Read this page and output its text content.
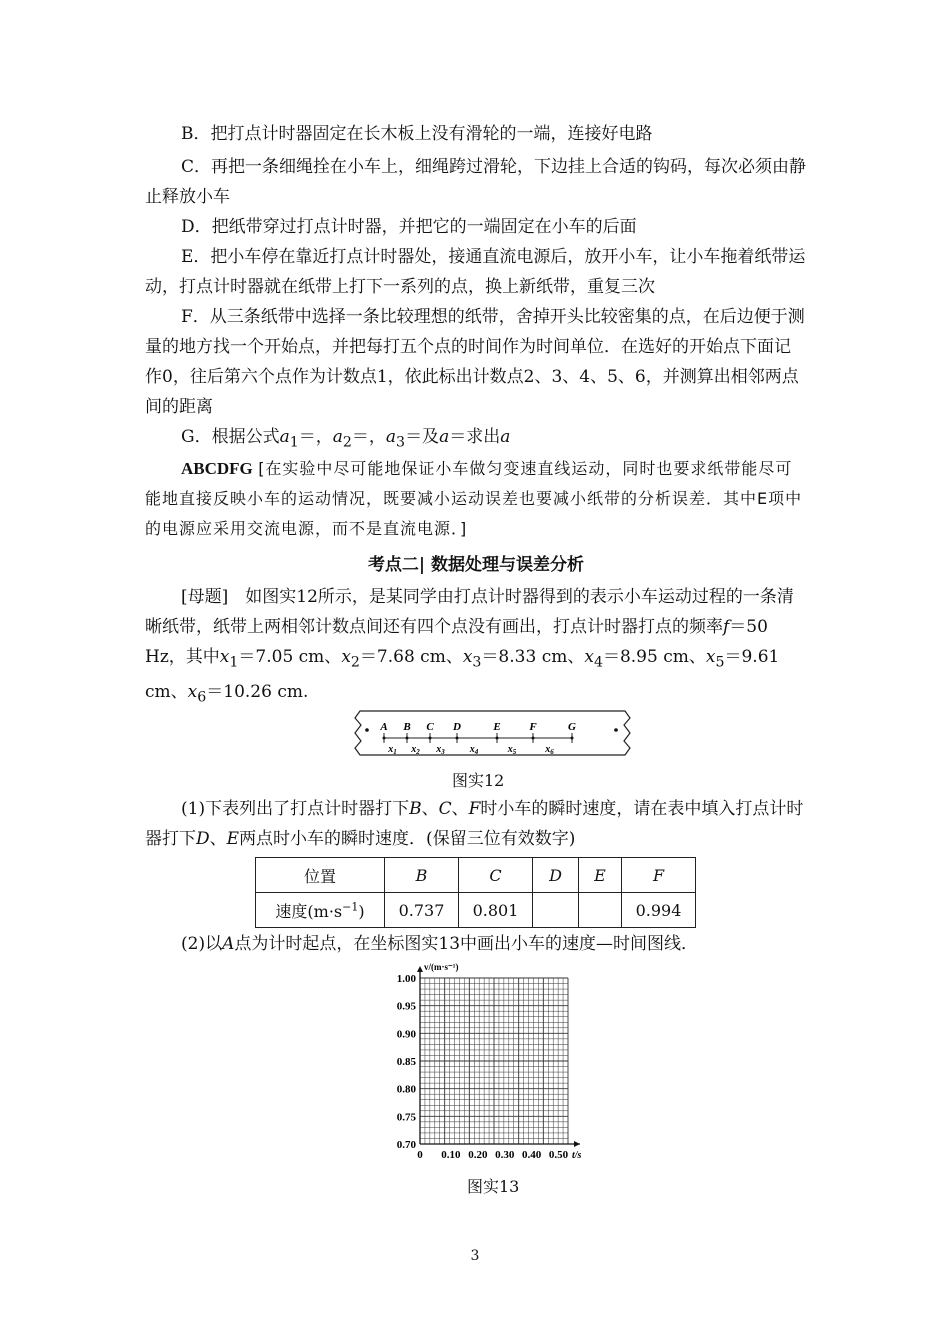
B．把打点计时器固定在长木板上没有滑轮的一端，连接好电路
C．再把一条细绳拴在小车上，细绳跨过滑轮，下边挂上合适的钩码，每次必须由静止释放小车
D．把纸带穿过打点计时器，并把它的一端固定在小车的后面
E．把小车停在靠近打点计时器处，接通直流电源后，放开小车，让小车拖着纸带运动，打点计时器就在纸带上打下一系列的点，换上新纸带，重复三次
F．从三条纸带中选择一条比较理想的纸带，舍掉开头比较密集的点，在后边便于测量的地方找一个开始点，并把每打五个点的时间作为时间单位．在选好的开始点下面记作0，往后第六个点作为计数点1，依此标出计数点2、3、4、5、6，并测算出相邻两点间的距离
G．根据公式$a_1=$，$a_2=$，$a_3=$及a＝求出a
ABCDFG [在实验中尽可能地保证小车做匀变速直线运动，同时也要求纸带能尽可能地直接反映小车的运动情况，既要减小运动误差也要减小纸带的分析误差．其中E项中的电源应采用交流电源，而不是直流电源．]
考点二| 数据处理与误差分析
[母题]　如图实12所示，是某同学由打点计时器得到的表示小车运动过程的一条清晰纸带，纸带上两相邻计数点间还有四个点没有画出，打点计时器打点的频率f＝50 Hz，其中$x_1=7.05$ cm、$x_2=7.68$ cm、$x_3=8.33$ cm、$x_4=8.95$ cm、$x_5=9.61$ cm、$x_6=10.26$ cm.
A B C D	E	F	G
$x_1$ $x_2$ $x_3$	$x_4$	$x_5$	$x_6$
图实12
(1)下表列出了打点计时器打下B、C、F时小车的瞬时速度，请在表中填入打点计时器打下D、E两点时小车的瞬时速度．(保留三位有效数字)
位置	B	C	D	E	F
速度$(m\cdot s^{-1})$	0.737	0.801			0.994
(2)以A点为计时起点，在坐标图实13中画出小车的速度—时间图线．
0.70
0.75
0.80
0.85
0.90
0.95
1.00
0 0.10 0.20 0.30 0.40 0.50
v/(m·s⁻¹)
t/s
图实13
3
